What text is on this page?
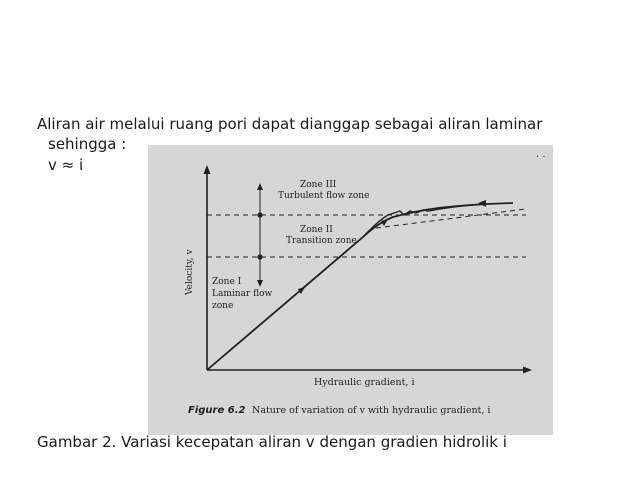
Aliran air melalui ruang pori dapat dianggap sebagai aliran laminar
sehingga :
v ≈ i
. .
Zone III
Turbulent flow zone
Zone II
Transition zone
Zone I
Laminar flow
zone
Velocity, v
Hydraulic gradient, i
Figure 6.2 Nature of variation of v with hydraulic gradient, i
Gambar 2. Variasi kecepatan aliran v dengan gradien hidrolik i
